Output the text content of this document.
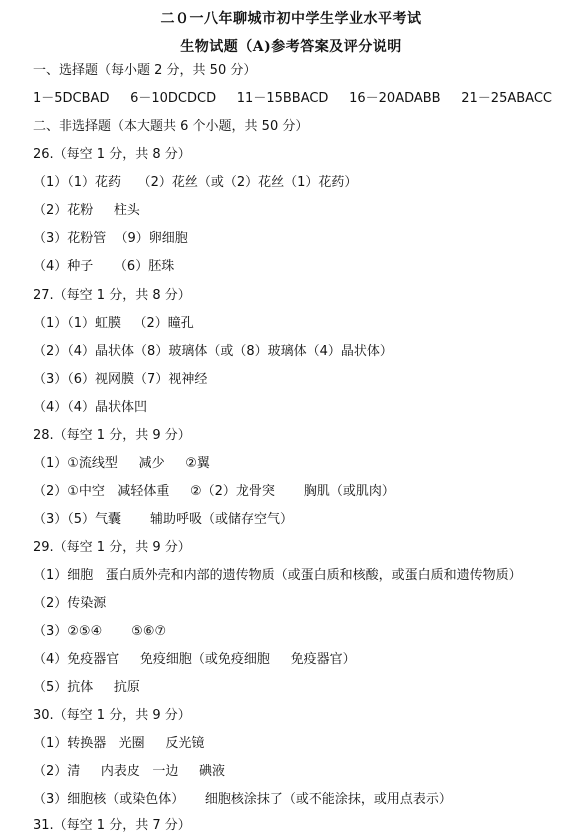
二０一八年聊城市初中学生学业水平考试
生物试题（A)参考答案及评分说明
一、选择题（每小题 2 分，共 50 分）
1－5DCBAD     6－10DCDCD     11－15BBACD     16－20ADABB     21－25ABACC
二、非选择题（本大题共 6 个小题，共 50 分）
26.（每空 1 分，共 8 分）
（1）（1）花药    （2）花丝（或（2）花丝（1）花药）
（2）花粉     柱头
（3）花粉管  （9）卵细胞
（4）种子     （6）胚珠
27.（每空 1 分，共 8 分）
（1）（1）虹膜   （2）瞳孔
（2）（4）晶状体（8）玻璃体（或（8）玻璃体（4）晶状体）
（3）（6）视网膜（7）视神经
（4）（4）晶状体凹
28.（每空 1 分，共 9 分）
（1）①流线型     减少     ②翼
（2）①中空   减轻体重     ②（2）龙骨突       胸肌（或肌肉）
（3）（5）气囊       辅助呼吸（或储存空气）
29.（每空 1 分，共 9 分）
（1）细胞   蛋白质外壳和内部的遗传物质（或蛋白质和核酸，或蛋白质和遗传物质）
（2）传染源
（3）②⑤④       ⑤⑥⑦
（4）免疫器官     免疫细胞（或免疫细胞     免疫器官）
（5）抗体     抗原
30.（每空 1 分，共 9 分）
（1）转换器   光圈     反光镜
（2）清     内表皮   一边     碘液
（3）细胞核（或染色体）     细胞核涂抹了（或不能涂抹，或用点表示）
31.（每空 1 分，共 7 分）
